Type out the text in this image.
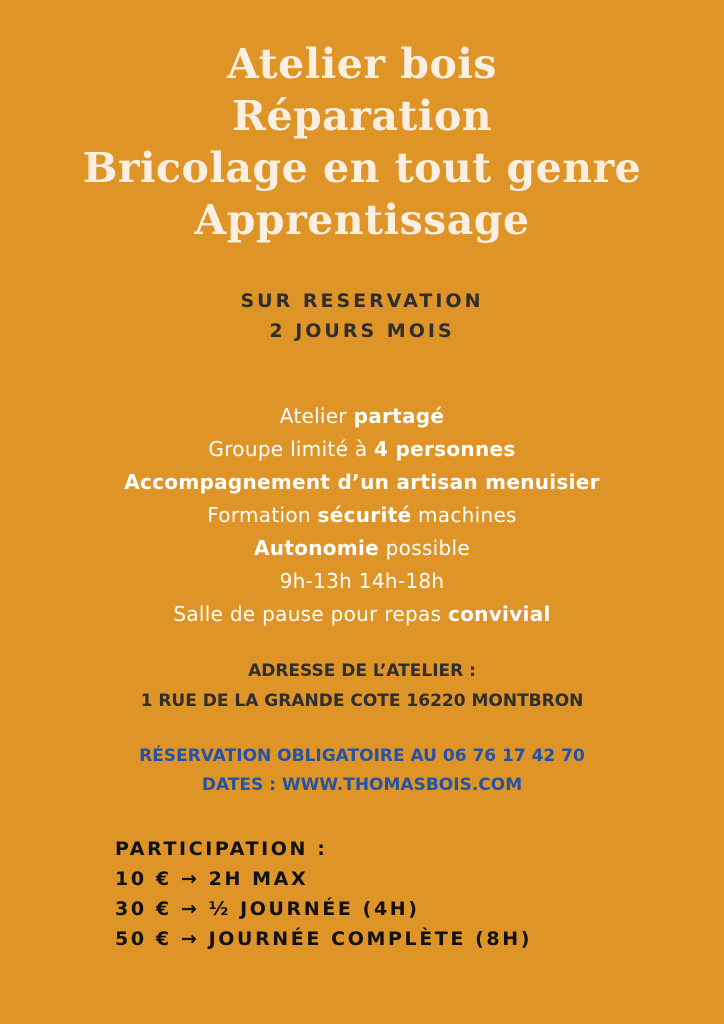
Atelier bois
Réparation
Bricolage en tout genre
Apprentissage
SUR RESERVATION
2 JOURS MOIS
Atelier partagé
Groupe limité à 4 personnes
Accompagnement d’un artisan menuisier
Formation sécurité machines
Autonomie possible
9h-13h 14h-18h
Salle de pause pour repas convivial
ADRESSE DE L’ATELIER :
1 RUE DE LA GRANDE COTE 16220 MONTBRON
RÉSERVATION OBLIGATOIRE AU 06 76 17 42 70
DATES : WWW.THOMASBOIS.COM
PARTICIPATION :
10 € → 2H MAX
30 € → ½ JOURNÉE (4H)
50 € → JOURNÉE COMPLÈTE (8H)
